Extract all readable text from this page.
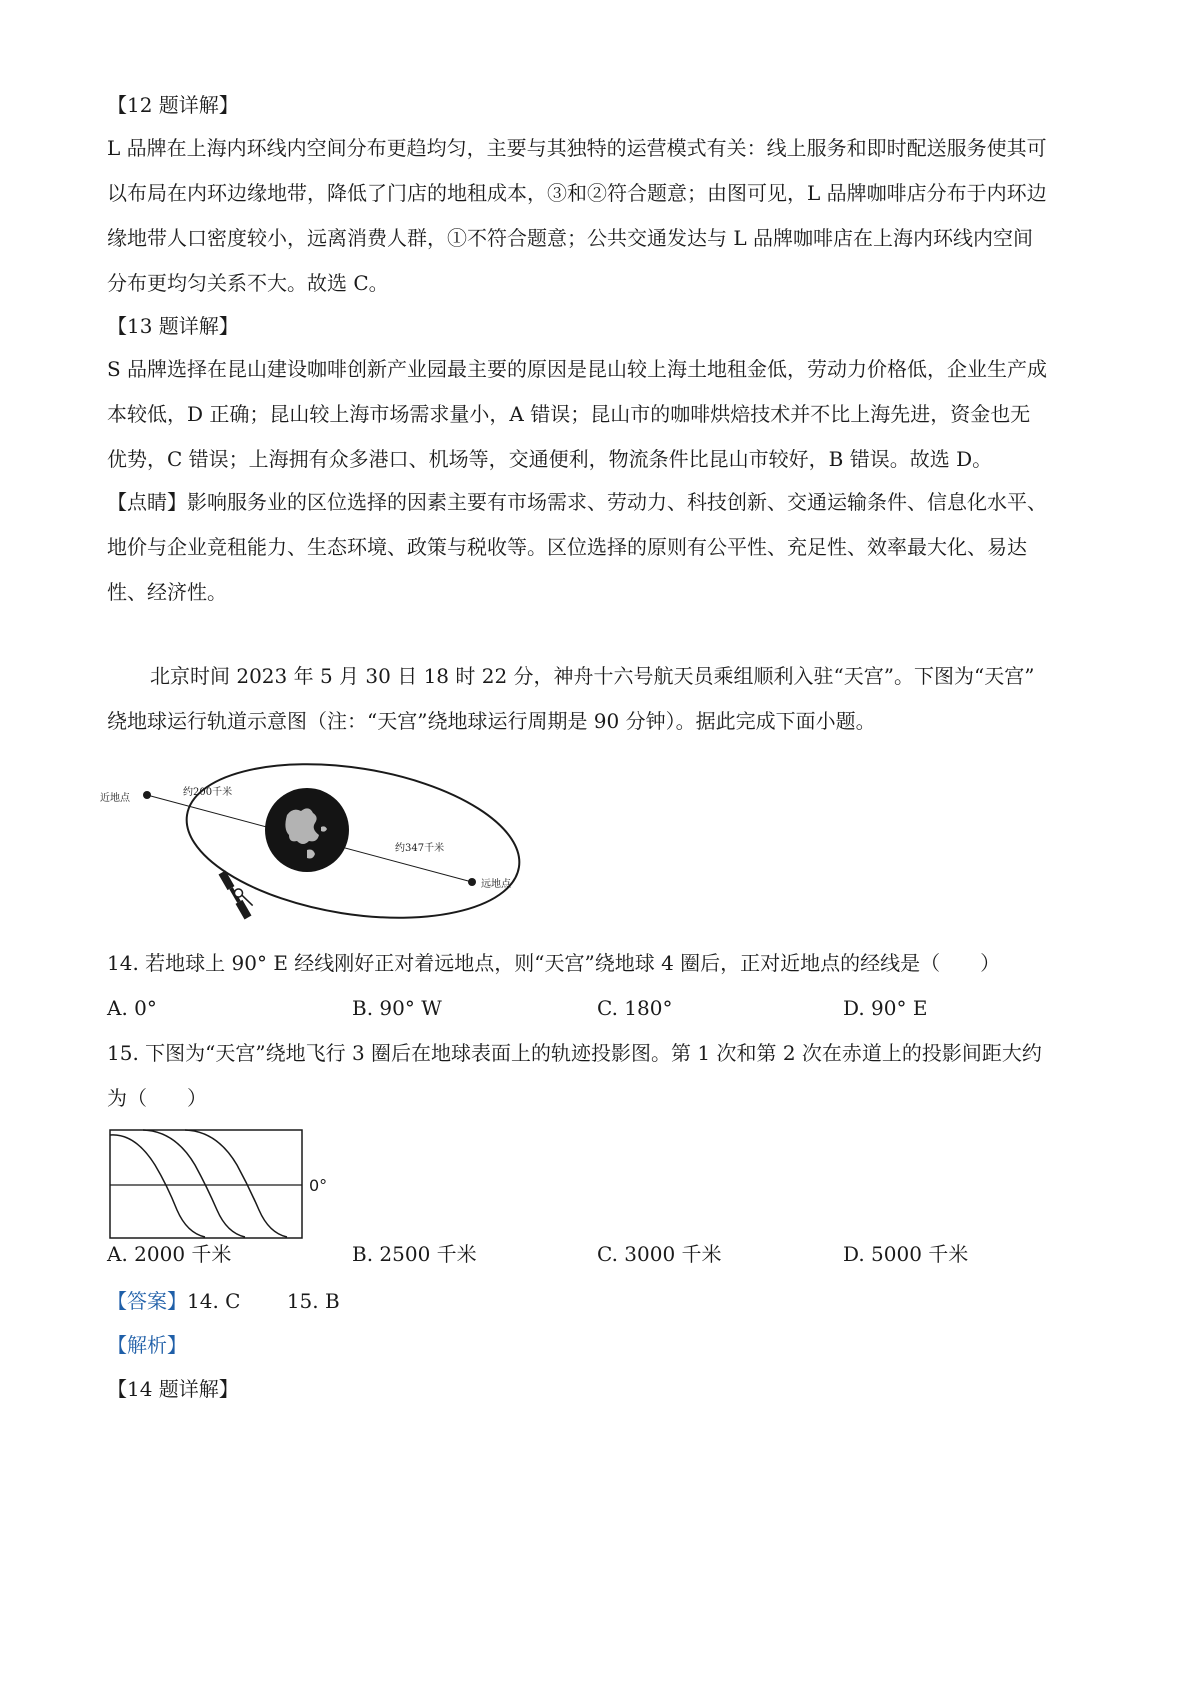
【12 题详解】
L 品牌在上海内环线内空间分布更趋均匀，主要与其独特的运营模式有关：线上服务和即时配送服务使其可
以布局在内环边缘地带，降低了门店的地租成本，③和②符合题意；由图可见，L 品牌咖啡店分布于内环边
缘地带人口密度较小，远离消费人群，①不符合题意；公共交通发达与 L 品牌咖啡店在上海内环线内空间
分布更均匀关系不大。故选 C。
【13 题详解】
S 品牌选择在昆山建设咖啡创新产业园最主要的原因是昆山较上海土地租金低，劳动力价格低，企业生产成
本较低，D 正确；昆山较上海市场需求量小，A 错误；昆山市的咖啡烘焙技术并不比上海先进，资金也无
优势，C 错误；上海拥有众多港口、机场等，交通便利，物流条件比昆山市较好，B 错误。故选 D。
【点睛】影响服务业的区位选择的因素主要有市场需求、劳动力、科技创新、交通运输条件、信息化水平、
地价与企业竞租能力、生态环境、政策与税收等。区位选择的原则有公平性、充足性、效率最大化、易达
性、经济性。
北京时间 2023 年 5 月 30 日 18 时 22 分，神舟十六号航天员乘组顺利入驻“天宫”。下图为“天宫”
绕地球运行轨道示意图（注：“天宫”绕地球运行周期是 90 分钟）。据此完成下面小题。
近地点
远地点
约200千米
约347千米
14. 若地球上 90° E 经线刚好正对着远地点，则“天宫”绕地球 4 圈后，正对近地点的经线是（　　）
A. 0°	B. 90° W	C. 180°	D. 90° E
15. 下图为“天宫”绕地飞行 3 圈后在地球表面上的轨迹投影图。第 1 次和第 2 次在赤道上的投影间距大约
为（　　）
0°
A. 2000 千米	B. 2500 千米	C. 3000 千米	D. 5000 千米
【答案】14. C　　 15. B
【解析】
【14 题详解】
